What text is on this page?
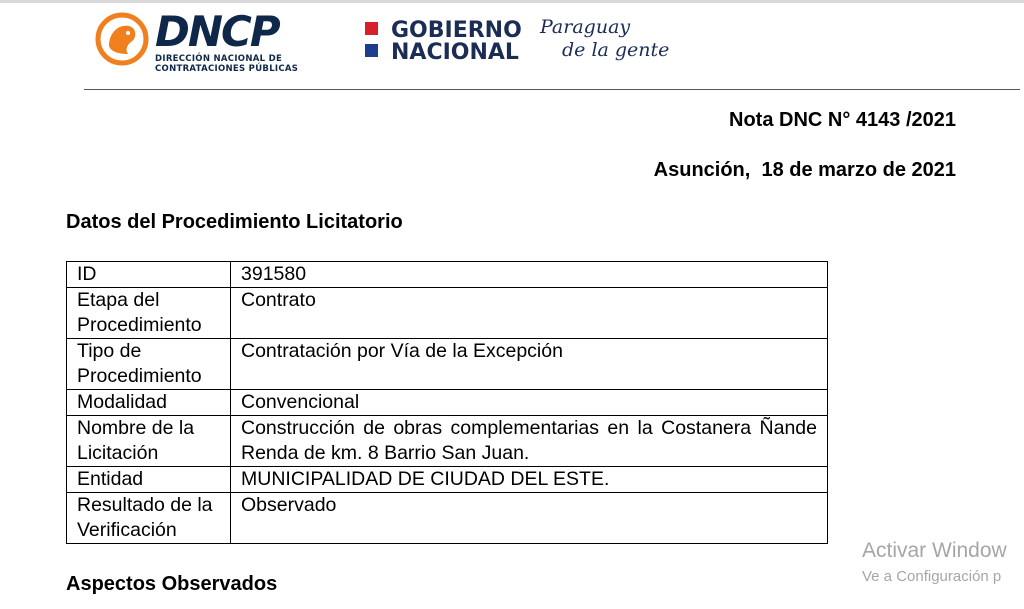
DNCP
DIRECCIÓN NACIONAL DE
CONTRATACIONES PÚBLICAS
GOBIERNO
NACIONAL
Paraguay
de la gente
Nota DNC N° 4143 /2021
Asunción,  18 de marzo de 2021
Datos del Procedimiento Licitatorio
ID	391580
Etapa del Procedimiento	Contrato
Tipo de Procedimiento	Contratación por Vía de la Excepción
Modalidad	Convencional
Nombre de la Licitación	Construcción de obras complementarias en la Costanera Ñande Renda de km. 8 Barrio San Juan.
Entidad	MUNICIPALIDAD DE CIUDAD DEL ESTE.
Resultado de la Verificación	Observado
Aspectos Observados
Activar Window
Ve a Configuración p
